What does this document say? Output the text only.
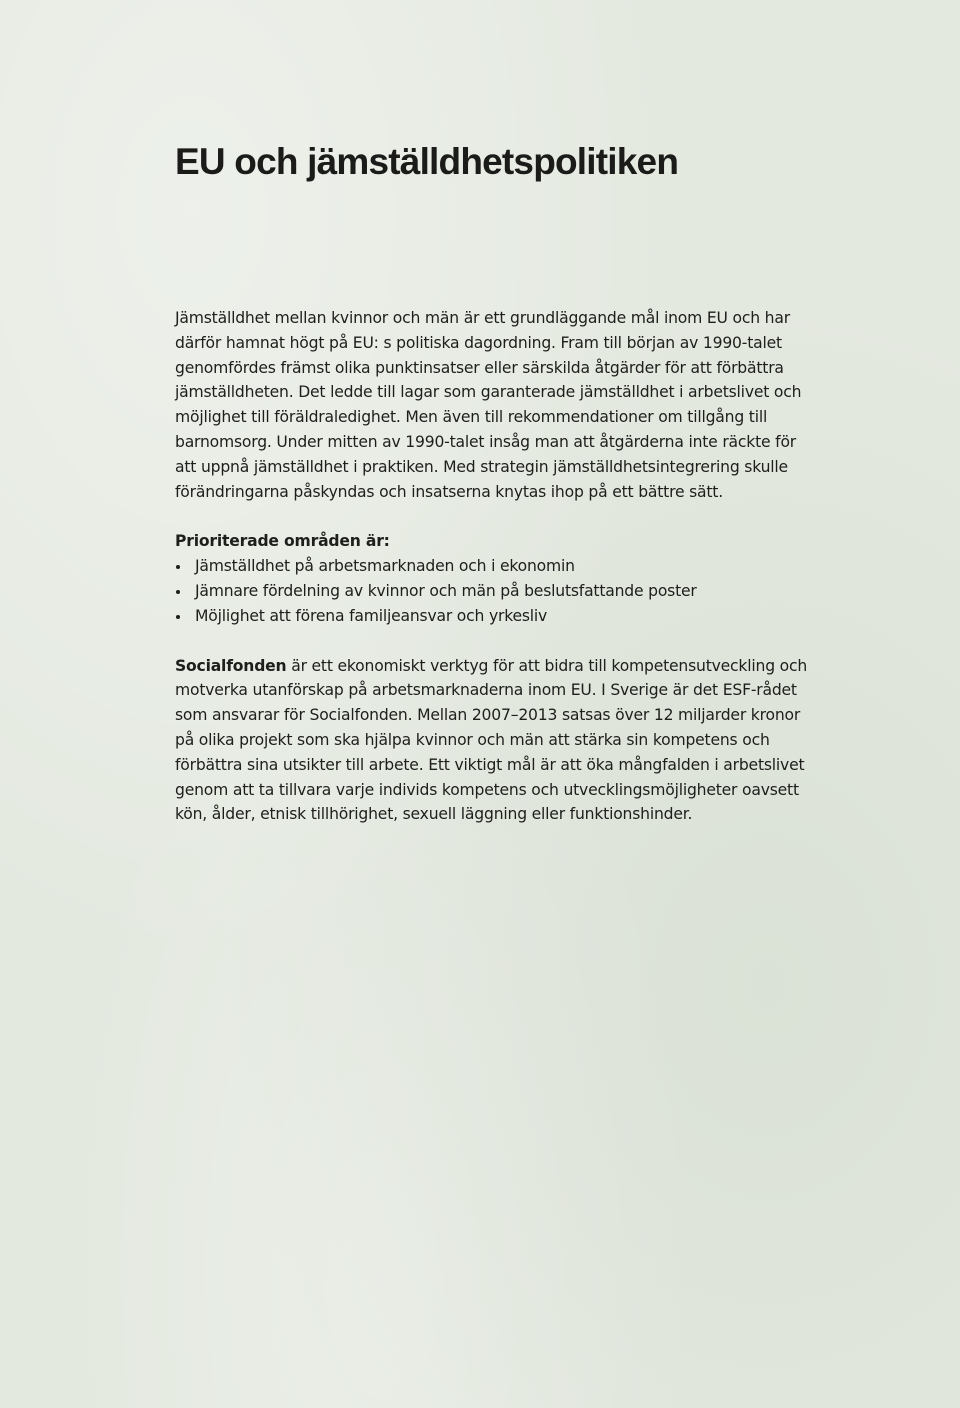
EU och jämställdhetspolitiken

Jämställdhet mellan kvinnor och män är ett grundläggande mål inom EU och har därför hamnat högt på EU: s politiska dagordning. Fram till början av 1990-talet genomfördes främst olika punktinsatser eller särskilda åtgärder för att förbättra jämställdheten. Det ledde till lagar som garanterade jämställdhet i arbetslivet och möjlighet till föräldraledighet. Men även till rekommendationer om tillgång till barnomsorg. Under mitten av 1990-talet insåg man att åtgärderna inte räckte för att uppnå jämställdhet i praktiken. Med strategin jämställdhetsintegrering skulle förändringarna påskyndas och insatserna knytas ihop på ett bättre sätt.

Prioriterade områden är:
Jämställdhet på arbetsmarknaden och i ekonomin
Jämnare fördelning av kvinnor och män på beslutsfattande poster
Möjlighet att förena familjeansvar och yrkesliv

Socialfonden är ett ekonomiskt verktyg för att bidra till kompetensutveckling och motverka utanförskap på arbetsmarknaderna inom EU. I Sverige är det ESF-rådet som ansvarar för Socialfonden. Mellan 2007–2013 satsas över 12 miljarder kronor på olika projekt som ska hjälpa kvinnor och män att stärka sin kompetens och förbättra sina utsikter till arbete. Ett viktigt mål är att öka mångfalden i arbetslivet genom att ta tillvara varje individs kompetens och utvecklingsmöjligheter oavsett kön, ålder, etnisk tillhörighet, sexuell läggning eller funktionshinder.
